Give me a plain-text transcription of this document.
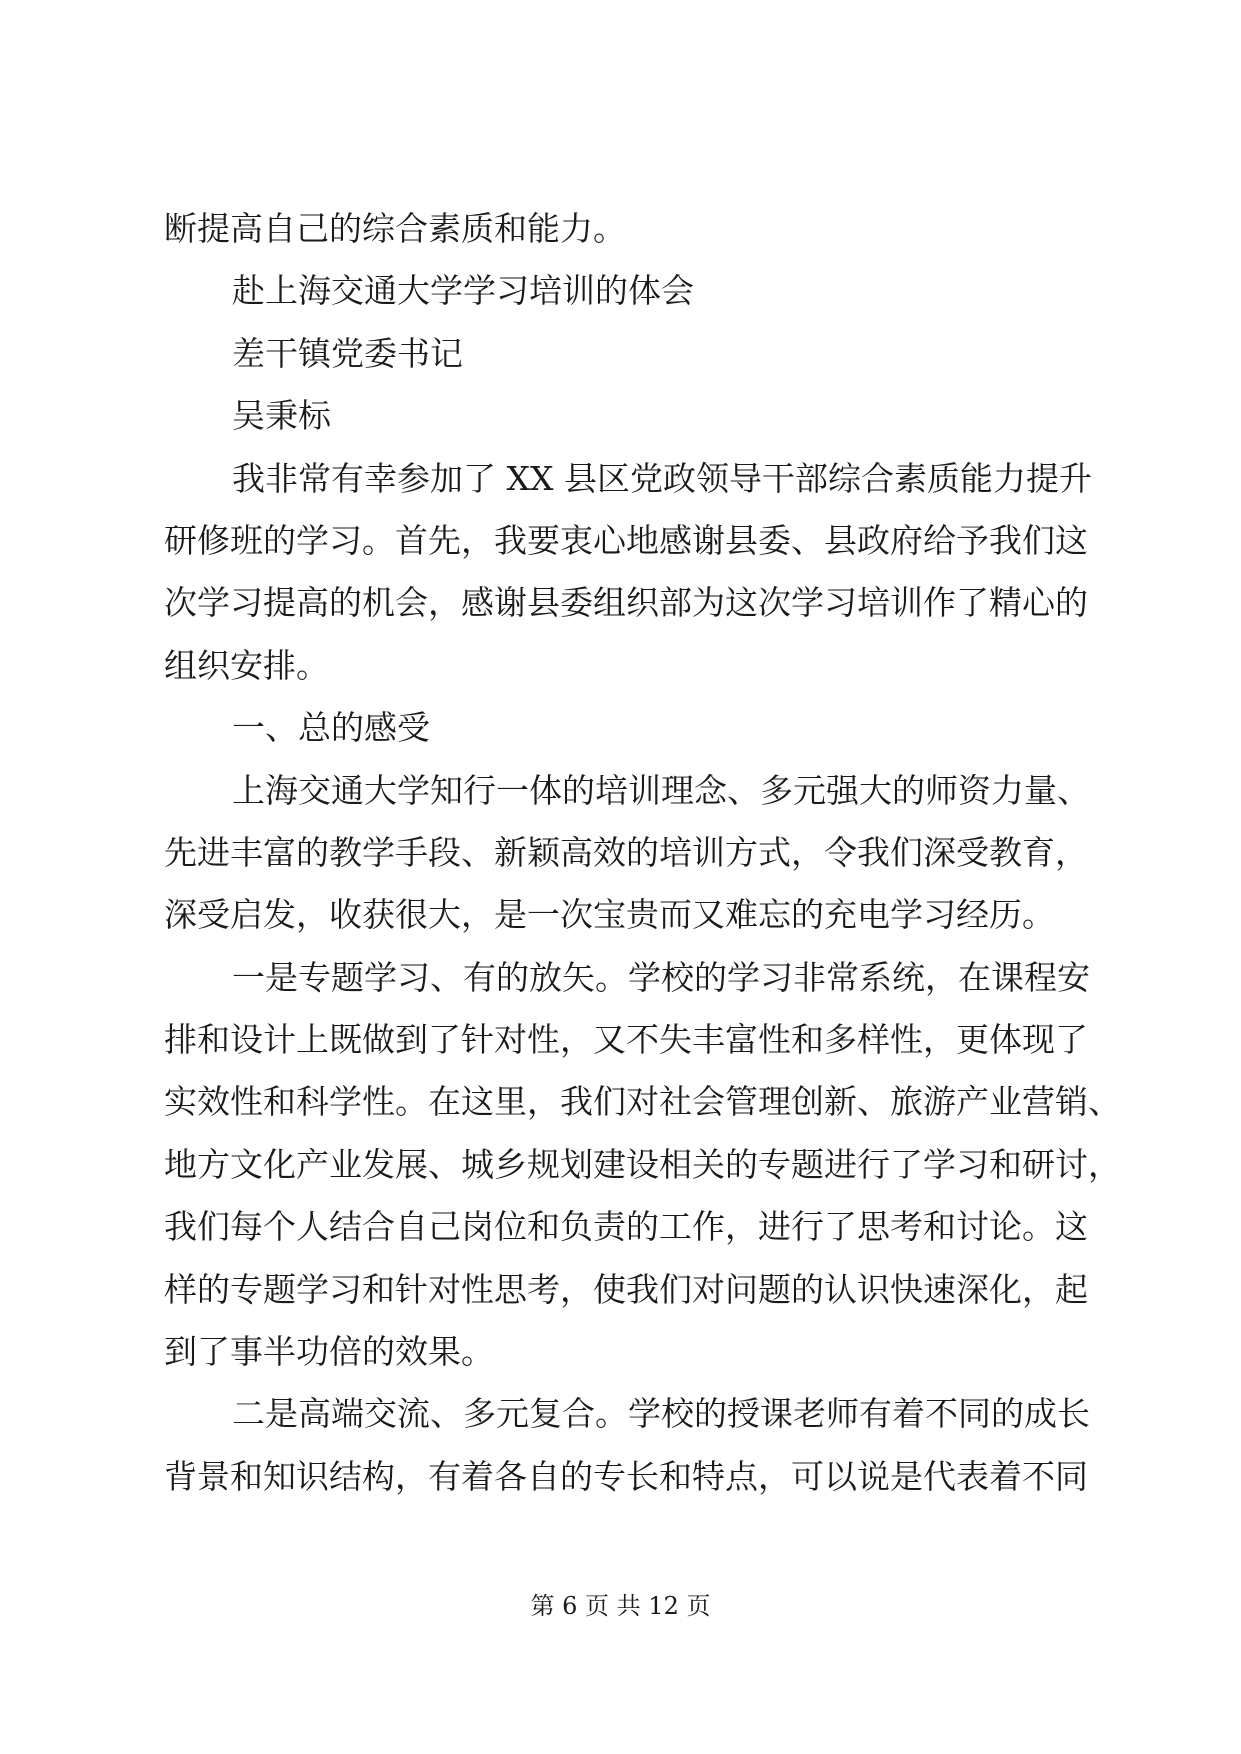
断提高自己的综合素质和能力。
赴上海交通大学学习培训的体会
差干镇党委书记
吴秉标
我非常有幸参加了 XX 县区党政领导干部综合素质能力提升
研修班的学习。首先，我要衷心地感谢县委、县政府给予我们这
次学习提高的机会，感谢县委组织部为这次学习培训作了精心的
组织安排。
一、总的感受
上海交通大学知行一体的培训理念、多元强大的师资力量、
先进丰富的教学手段、新颖高效的培训方式，令我们深受教育，
深受启发，收获很大，是一次宝贵而又难忘的充电学习经历。
一是专题学习、有的放矢。学校的学习非常系统，在课程安
排和设计上既做到了针对性，又不失丰富性和多样性，更体现了
实效性和科学性。在这里，我们对社会管理创新、旅游产业营销、
地方文化产业发展、城乡规划建设相关的专题进行了学习和研讨，
我们每个人结合自己岗位和负责的工作，进行了思考和讨论。这
样的专题学习和针对性思考，使我们对问题的认识快速深化，起
到了事半功倍的效果。
二是高端交流、多元复合。学校的授课老师有着不同的成长
背景和知识结构，有着各自的专长和特点，可以说是代表着不同
第 6 页 共 12 页
